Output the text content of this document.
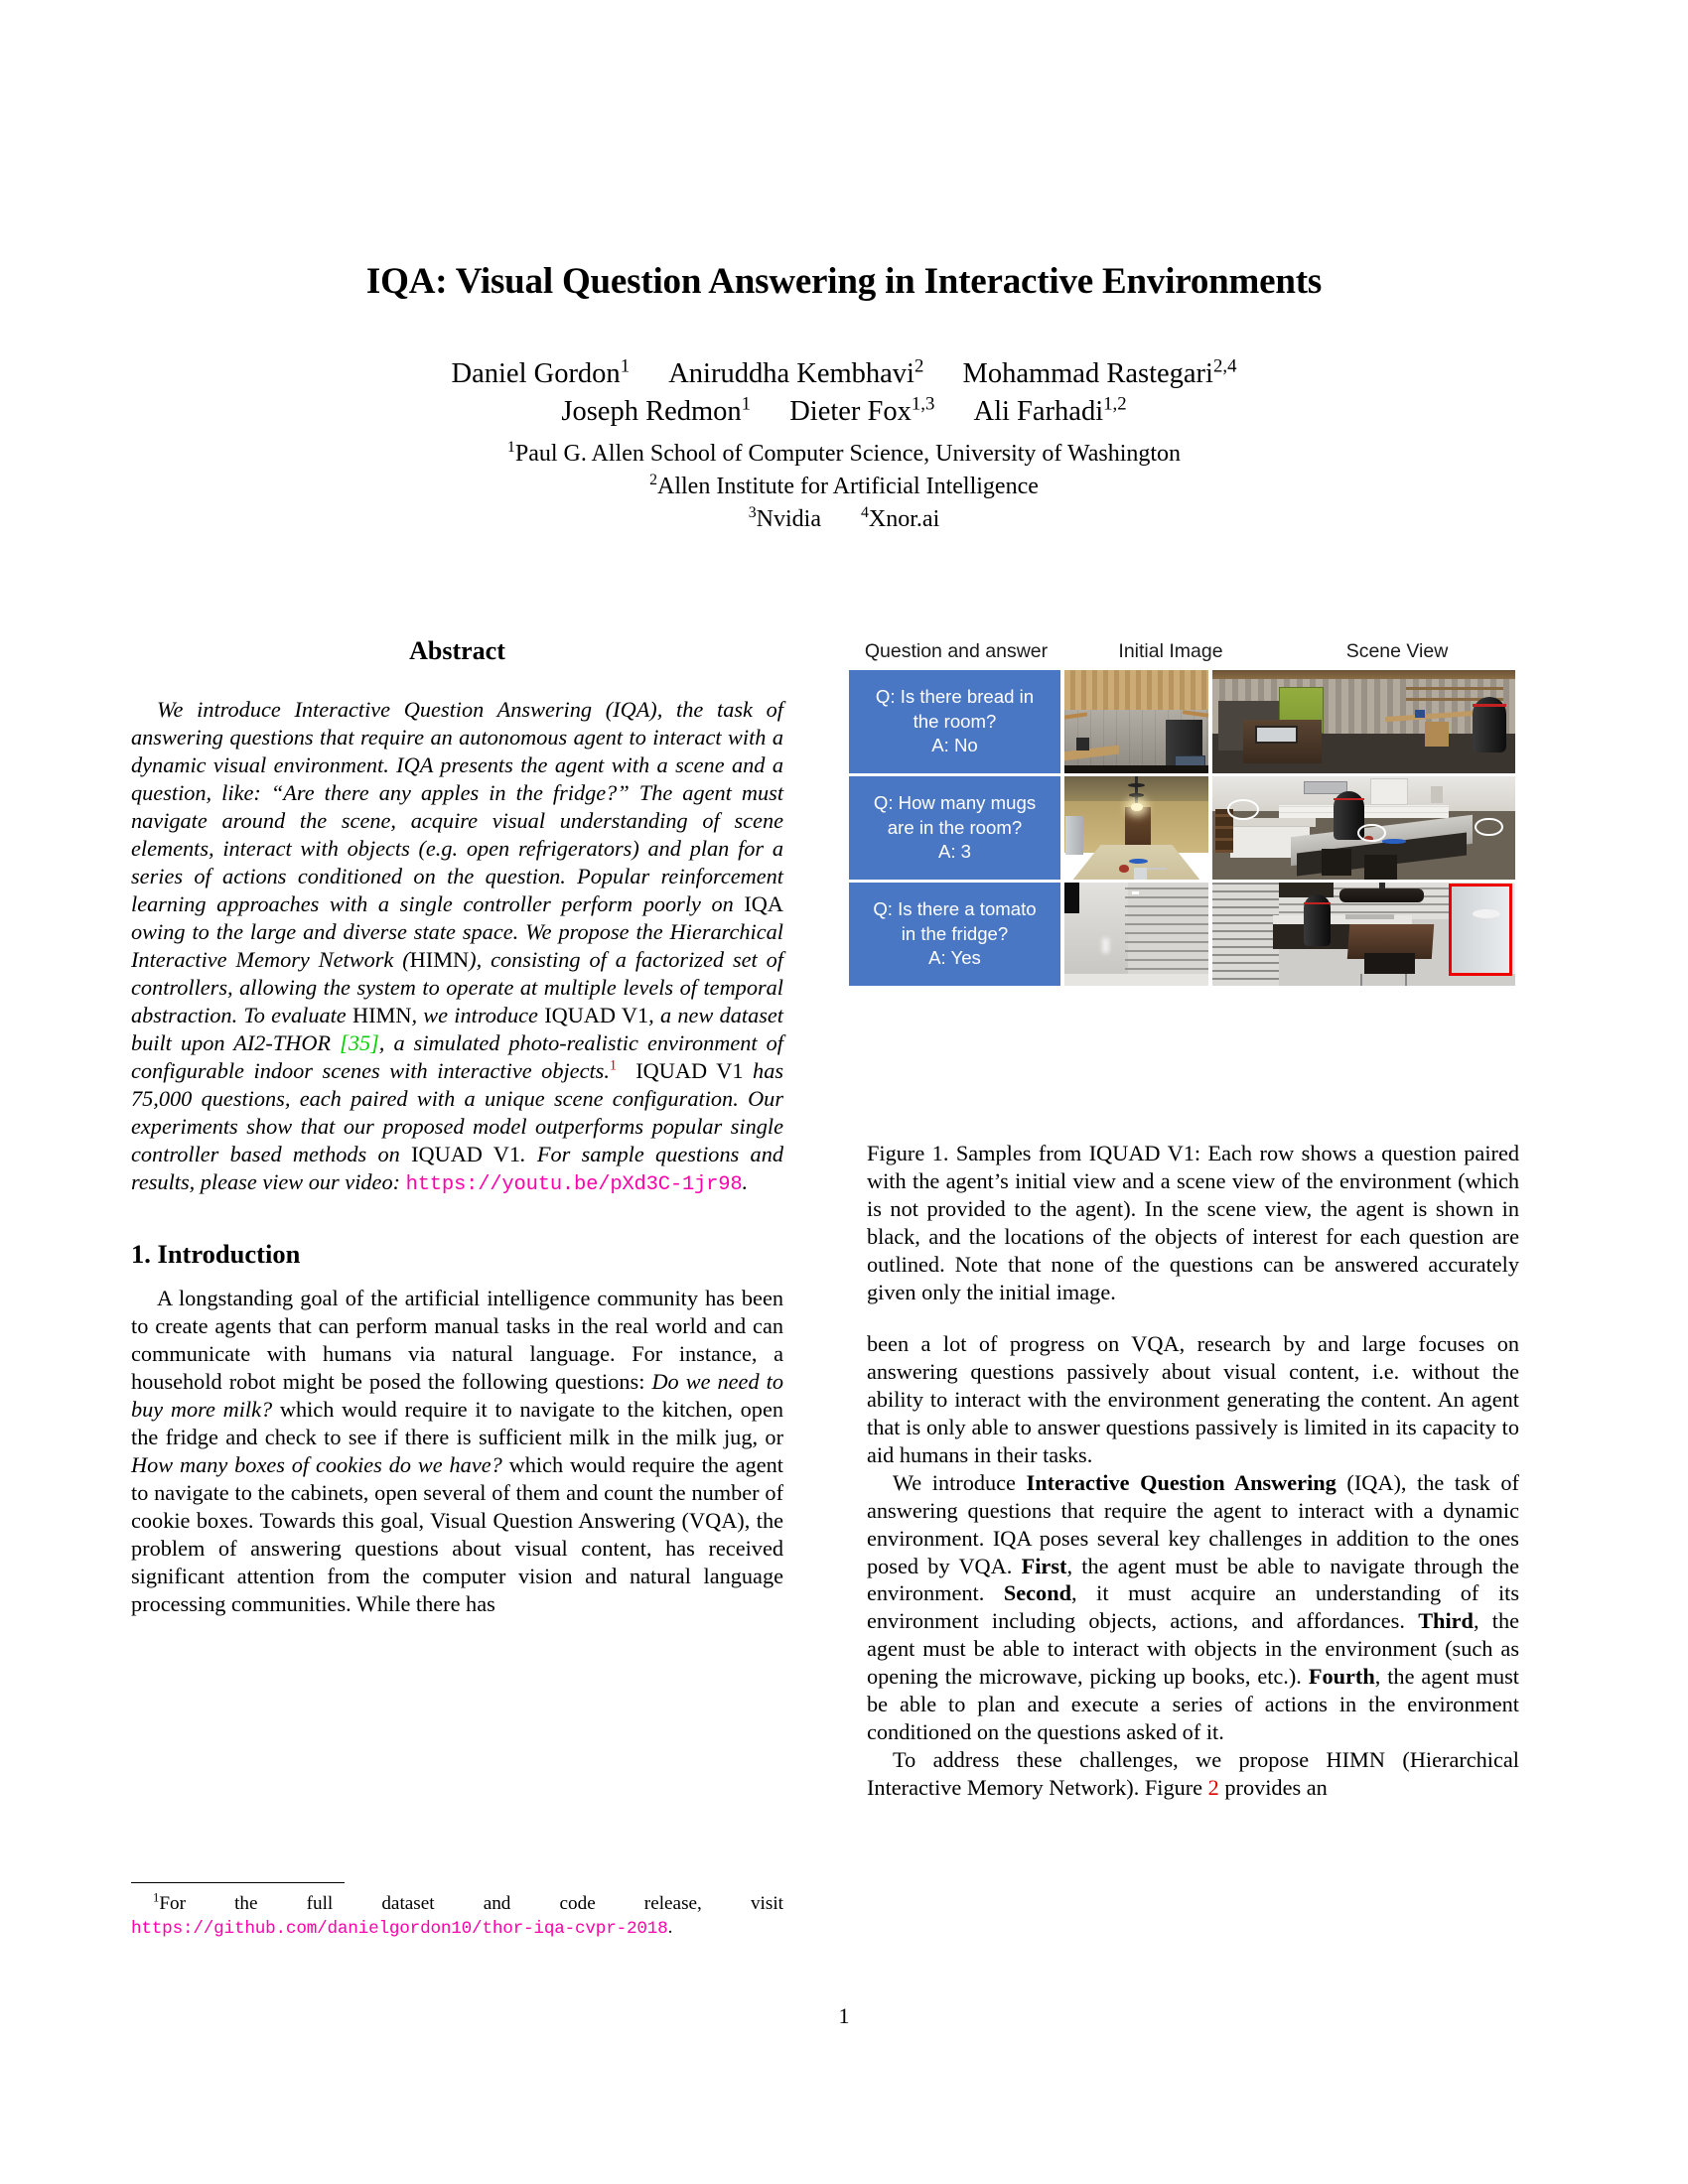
IQA: Visual Question Answering in Interactive Environments
Daniel Gordon$^1$ Aniruddha Kembhavi$^2$ Mohammad Rastegari$^{2,4}$
Joseph Redmon$^1$ Dieter Fox$^{1,3}$ Ali Farhadi$^{1,2}$
$^1$Paul G. Allen School of Computer Science, University of Washington
$^2$Allen Institute for Artificial Intelligence
$^3$Nvidia	$^4$Xnor.ai
Abstract
We introduce Interactive Question Answering (IQA), the task of answering questions that require an autonomous agent to interact with a dynamic visual environment. IQA presents the agent with a scene and a question, like: “Are there any apples in the fridge?” The agent must navigate around the scene, acquire visual understanding of scene elements, interact with objects (e.g. open refrigerators) and plan for a series of actions conditioned on the question. Popular reinforcement learning approaches with a single controller perform poorly on IQA owing to the large and diverse state space. We propose the Hierarchical Interactive Memory Network (HIMN), consisting of a factorized set of controllers, allowing the system to operate at multiple levels of temporal abstraction. To evaluate HIMN, we introduce IQUAD V1, a new dataset built upon AI2-THOR [35], a simulated photo-realistic environment of configurable indoor scenes with interactive objects.$^1$ IQUAD V1 has 75,000 questions, each paired with a unique scene configuration. Our experiments show that our proposed model outperforms popular single controller based methods on IQUAD V1. For sample questions and results, please view our video: https://youtu.be/pXd3C-1jr98.
1. Introduction

A longstanding goal of the artificial intelligence community has been to create agents that can perform manual tasks in the real world and can communicate with humans via natural language. For instance, a household robot might be posed the following questions: Do we need to buy more milk? which would require it to navigate to the kitchen, open the fridge and check to see if there is sufficient milk in the milk jug, or How many boxes of cookies do we have? which would require the agent to navigate to the cabinets, open several of them and count the number of cookie boxes. Towards this goal, Visual Question Answering (VQA), the problem of answering questions about visual content, has received significant attention from the computer vision and natural language processing communities. While there has

$^1$For the full dataset and code release, visit https://github.com/danielgordon10/thor-iqa-cvpr-2018.
Question and answer	Initial Image	Scene View
Q: Is there bread in
the room?
A: No
Q: How many mugs
are in the room?
A: 3
Q: Is there a tomato
in the fridge?
A: Yes
Figure 1. Samples from IQUAD V1: Each row shows a question paired with the agent’s initial view and a scene view of the environment (which is not provided to the agent). In the scene view, the agent is shown in black, and the locations of the objects of interest for each question are outlined. Note that none of the questions can be answered accurately given only the initial image.

been a lot of progress on VQA, research by and large focuses on answering questions passively about visual content, i.e. without the ability to interact with the environment generating the content. An agent that is only able to answer questions passively is limited in its capacity to aid humans in their tasks.

We introduce Interactive Question Answering (IQA), the task of answering questions that require the agent to interact with a dynamic environment. IQA poses several key challenges in addition to the ones posed by VQA. First, the agent must be able to navigate through the environment. Second, it must acquire an understanding of its environment including objects, actions, and affordances. Third, the agent must be able to interact with objects in the environment (such as opening the microwave, picking up books, etc.). Fourth, the agent must be able to plan and execute a series of actions in the environment conditioned on the questions asked of it.

To address these challenges, we propose HIMN (Hierarchical Interactive Memory Network). Figure 2 provides an

1
